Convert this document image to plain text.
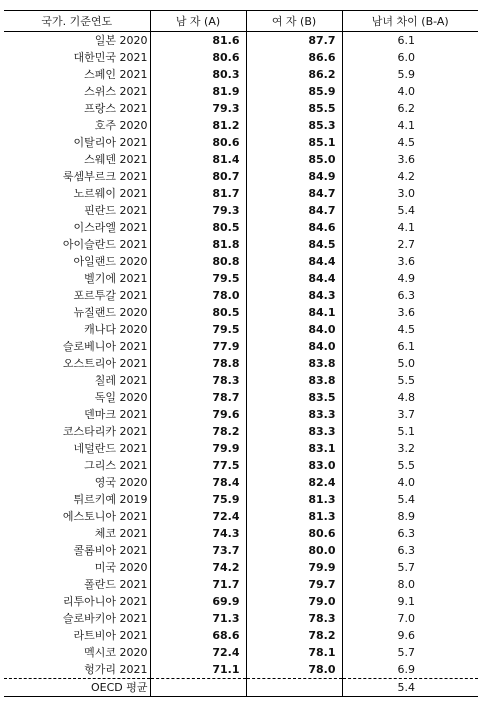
국가. 기준연도	남 자 (A)	여 자 (B)	남녀 차이 (B-A)
일본 2020	81.6	87.7	6.1
대한민국 2021	80.6	86.6	6.0
스페인 2021	80.3	86.2	5.9
스위스 2021	81.9	85.9	4.0
프랑스 2021	79.3	85.5	6.2
호주 2020	81.2	85.3	4.1
이탈리아 2021	80.6	85.1	4.5
스웨덴 2021	81.4	85.0	3.6
룩셈부르크 2021	80.7	84.9	4.2
노르웨이 2021	81.7	84.7	3.0
핀란드 2021	79.3	84.7	5.4
이스라엘 2021	80.5	84.6	4.1
아이슬란드 2021	81.8	84.5	2.7
아일랜드 2020	80.8	84.4	3.6
벨기에 2021	79.5	84.4	4.9
포르투갈 2021	78.0	84.3	6.3
뉴질랜드 2020	80.5	84.1	3.6
캐나다 2020	79.5	84.0	4.5
슬로베니아 2021	77.9	84.0	6.1
오스트리아 2021	78.8	83.8	5.0
칠레 2021	78.3	83.8	5.5
독일 2020	78.7	83.5	4.8
덴마크 2021	79.6	83.3	3.7
코스타리카 2021	78.2	83.3	5.1
네덜란드 2021	79.9	83.1	3.2
그리스 2021	77.5	83.0	5.5
영국 2020	78.4	82.4	4.0
튀르키예 2019	75.9	81.3	5.4
에스토니아 2021	72.4	81.3	8.9
체코 2021	74.3	80.6	6.3
콜롬비아 2021	73.7	80.0	6.3
미국 2020	74.2	79.9	5.7
폴란드 2021	71.7	79.7	8.0
리투아니아 2021	69.9	79.0	9.1
슬로바키아 2021	71.3	78.3	7.0
라트비아 2021	68.6	78.2	9.6
멕시코 2020	72.4	78.1	5.7
헝가리 2021	71.1	78.0	6.9
OECD 평균			5.4
